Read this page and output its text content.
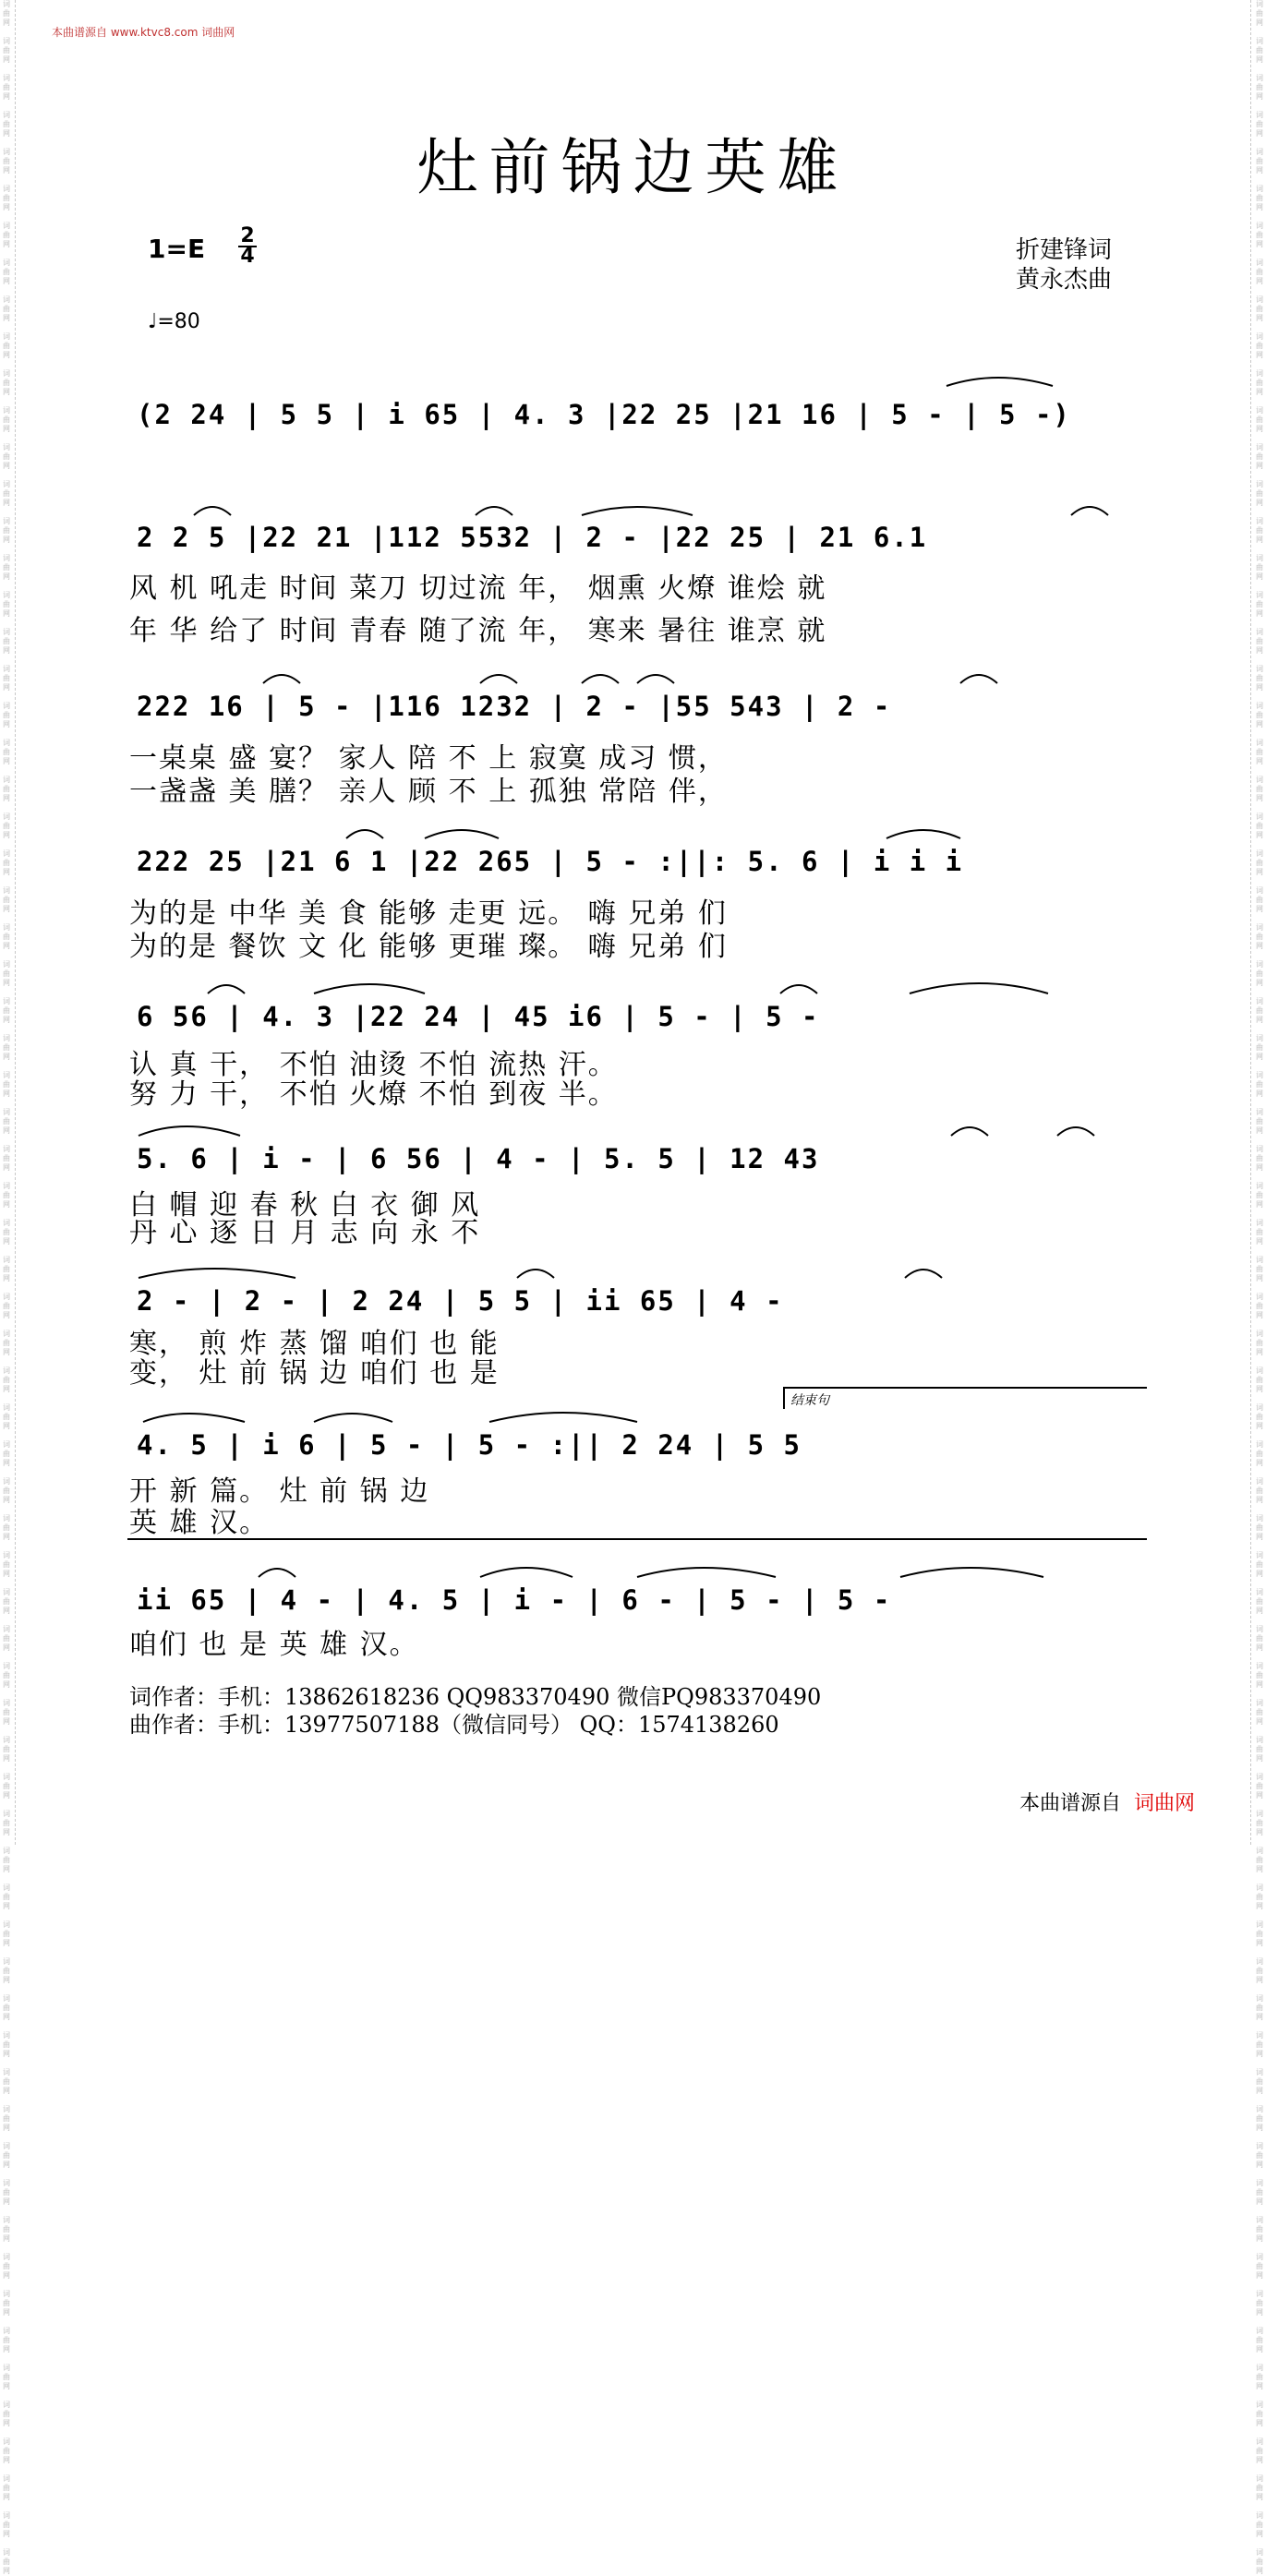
词
曲
网

词
曲
网

词
曲
网

词
曲
网

词
曲
网

词
曲
网

词
曲
网

词
曲
网

词
曲
网

词
曲
网

词
曲
网

词
曲
网

词
曲
网

词
曲
网

词
曲
网

词
曲
网

词
曲
网

词
曲
网

词
曲
网

词
曲
网

词
曲
网

词
曲
网

词
曲
网

词
曲
网

词
曲
网

词
曲
网

词
曲
网

词
曲
网

词
曲
网

词
曲
网

词
曲
网

词
曲
网

词
曲
网

词
曲
网

词
曲
网

词
曲
网

词
曲
网

词
曲
网

词
曲
网

词
曲
网

词
曲
网

词
曲
网

词
曲
网

词
曲
网

词
曲
网

词
曲
网

词
曲
网

词
曲
网

词
曲
网

词
曲
网

词
曲
网

词
曲
网

词
曲
网

词
曲
网

词
曲
网

词
曲
网

词
曲
网

词
曲
网

词
曲
网

词
曲
网

词
曲
网

词
曲
网

词
曲
网

词
曲
网

词
曲
网

词
曲
网

词
曲
网

词
曲
网

词
曲
网

词
曲
网

词
曲
网

词
曲
网

词
曲
网

词
曲
网

词
曲
网

词
曲
网

词
曲
网

词
曲
网

词
曲
网

词
曲
网

词
曲
网

词
曲
网

词
曲
网

词
曲
网

词
曲
网

词
曲
网

词
曲
网

词
曲
网

词
曲
网

词
曲
网

词
曲
网

词
曲
网

词
曲
网

词
曲
网

词
曲
网

词
曲
网

词
曲
网

词
曲
网

词
曲
网

词
曲
网

词
曲
网

词
曲
网

词
曲
网

词
曲
网

词
曲
网

词
曲
网

词
曲
网

词
曲
网

词
曲
网

词
曲
网

词
曲
网

词
曲
网

词
曲
网

词
曲
网

词
曲
网

词
曲
网

词
曲
网

词
曲
网

词
曲
网

词
曲
网

词
曲
网

词
曲
网

词
曲
网

词
曲
网

词
曲
网

词
曲
网

词
曲
网

词
曲
网

词
曲
网

词
曲
网

词
曲
网

词
曲
网

词
曲
网

词
曲
网

词
曲
网

词
曲
网

词
曲
网

词
曲
网

词
曲
网

词
曲
网

本曲谱源自 www.ktvc8.com 词曲网
灶前锅边英雄
$1=E \frac{2}{4}$
♩=80
折建锋词
黄永杰曲
(2 24 | 5 5 | i 65 | 4. 3 |22 25 |21 16 | 5 - | 5 -)
2 2 5 |22 21 |112 5532 | 2 - |22 25 | 21 6.1
风 机 吼走 时间 菜刀 切过流 年， 烟熏 火燎 谁烩 就
年 华 给了 时间 青春 随了流 年， 寒来 暑往 谁烹 就
222 16 | 5 - |116 1232 | 2 - |55 543 | 2 -
一桌桌 盛 宴？ 家人 陪 不 上 寂寞 成习 惯，
一盏盏 美 膳？ 亲人 顾 不 上 孤独 常陪 伴，
222 25 |21 6 1 |22 265 | 5 - :||: 5. 6 | i i i
为的是 中华 美 食 能够 走更 远。 嗨 兄弟 们
为的是 餐饮 文 化 能够 更璀 璨。 嗨 兄弟 们
6 56 | 4. 3 |22 24 | 45 i6 | 5 - | 5 -
认 真 干， 不怕 油烫 不怕 流热 汗。
努 力 干， 不怕 火燎 不怕 到夜 半。
5. 6 | i - | 6 56 | 4 - | 5. 5 | 12 43
白 帽 迎 春 秋 白 衣 御 风
丹 心 逐 日 月 志 向 永 不
2 - | 2 - | 2 24 | 5 5 | ii 65 | 4 -
寒， 煎 炸 蒸 馏 咱们 也 能
变， 灶 前 锅 边 咱们 也 是
结束句
4. 5 | i 6 | 5 - | 5 - :|| 2 24 | 5 5
开 新 篇。 灶 前 锅 边
英 雄 汉。
ii 65 | 4 - | 4. 5 | i - | 6 - | 5 - | 5 -
咱们 也 是 英 雄 汉。
词作者：手机：13862618236 QQ983370490 微信PQ983370490
曲作者：手机：13977507188（微信同号） QQ：1574138260
本曲谱源自 词曲网
